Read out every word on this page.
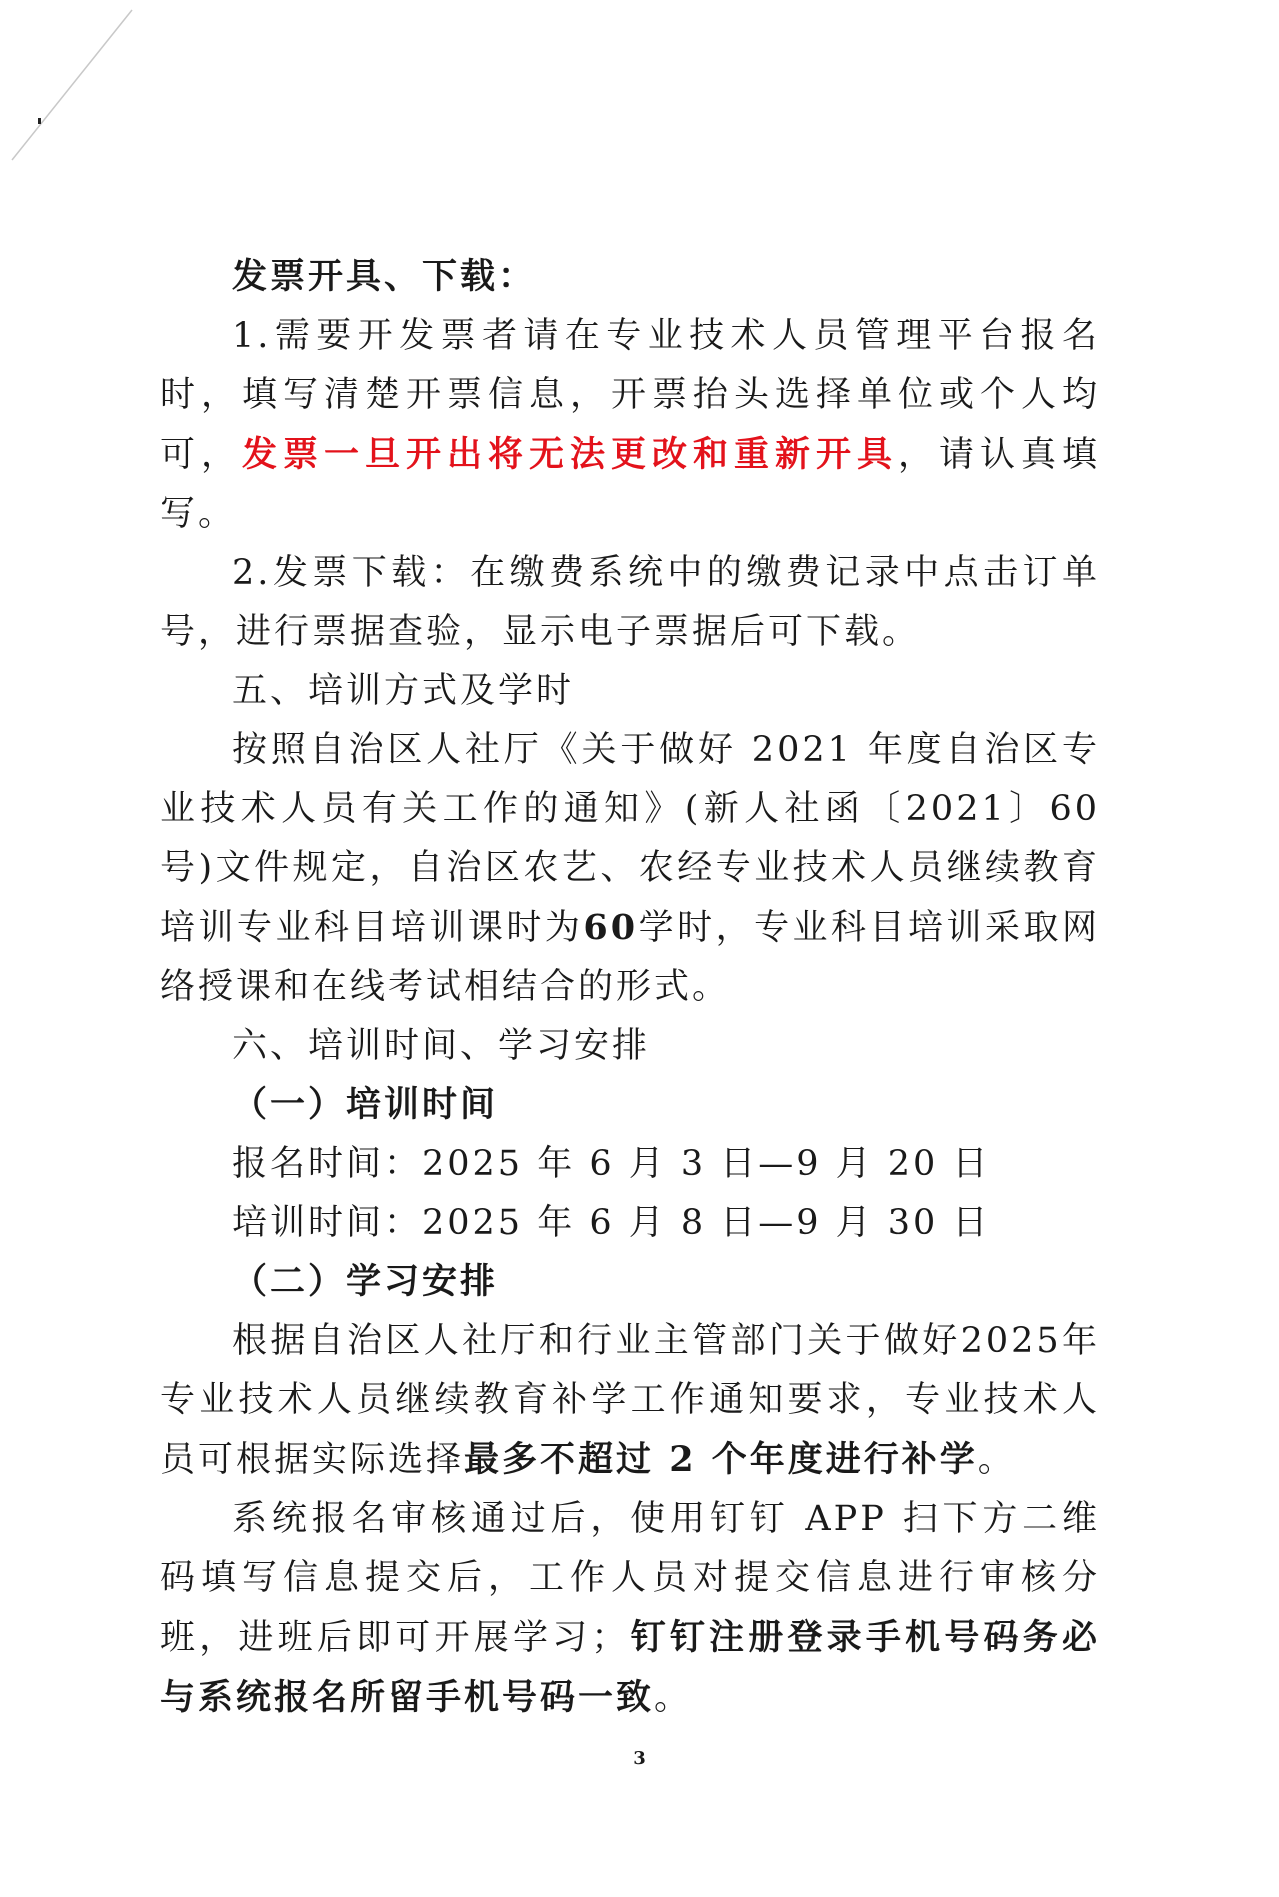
发票开具、下载：

1.需要开发票者请在专业技术人员管理平台报名时，填写清楚开票信息，开票抬头选择单位或个人均可，发票一旦开出将无法更改和重新开具，请认真填写。

2.发票下载：在缴费系统中的缴费记录中点击订单号，进行票据查验，显示电子票据后可下载。

五、培训方式及学时

按照自治区人社厅《关于做好 2021 年度自治区专业技术人员有关工作的通知》(新人社函〔2021〕60号)文件规定，自治区农艺、农经专业技术人员继续教育培训专业科目培训课时为60学时，专业科目培训采取网络授课和在线考试相结合的形式。

六、培训时间、学习安排

（一）培训时间

报名时间：2025 年 6 月 3 日—9 月 20 日

培训时间：2025 年 6 月 8 日—9 月 30 日

（二）学习安排

根据自治区人社厅和行业主管部门关于做好2025年专业技术人员继续教育补学工作通知要求，专业技术人员可根据实际选择最多不超过 2 个年度进行补学。

系统报名审核通过后，使用钉钉 APP 扫下方二维码填写信息提交后，工作人员对提交信息进行审核分班，进班后即可开展学习；钉钉注册登录手机号码务必与系统报名所留手机号码一致。

3
